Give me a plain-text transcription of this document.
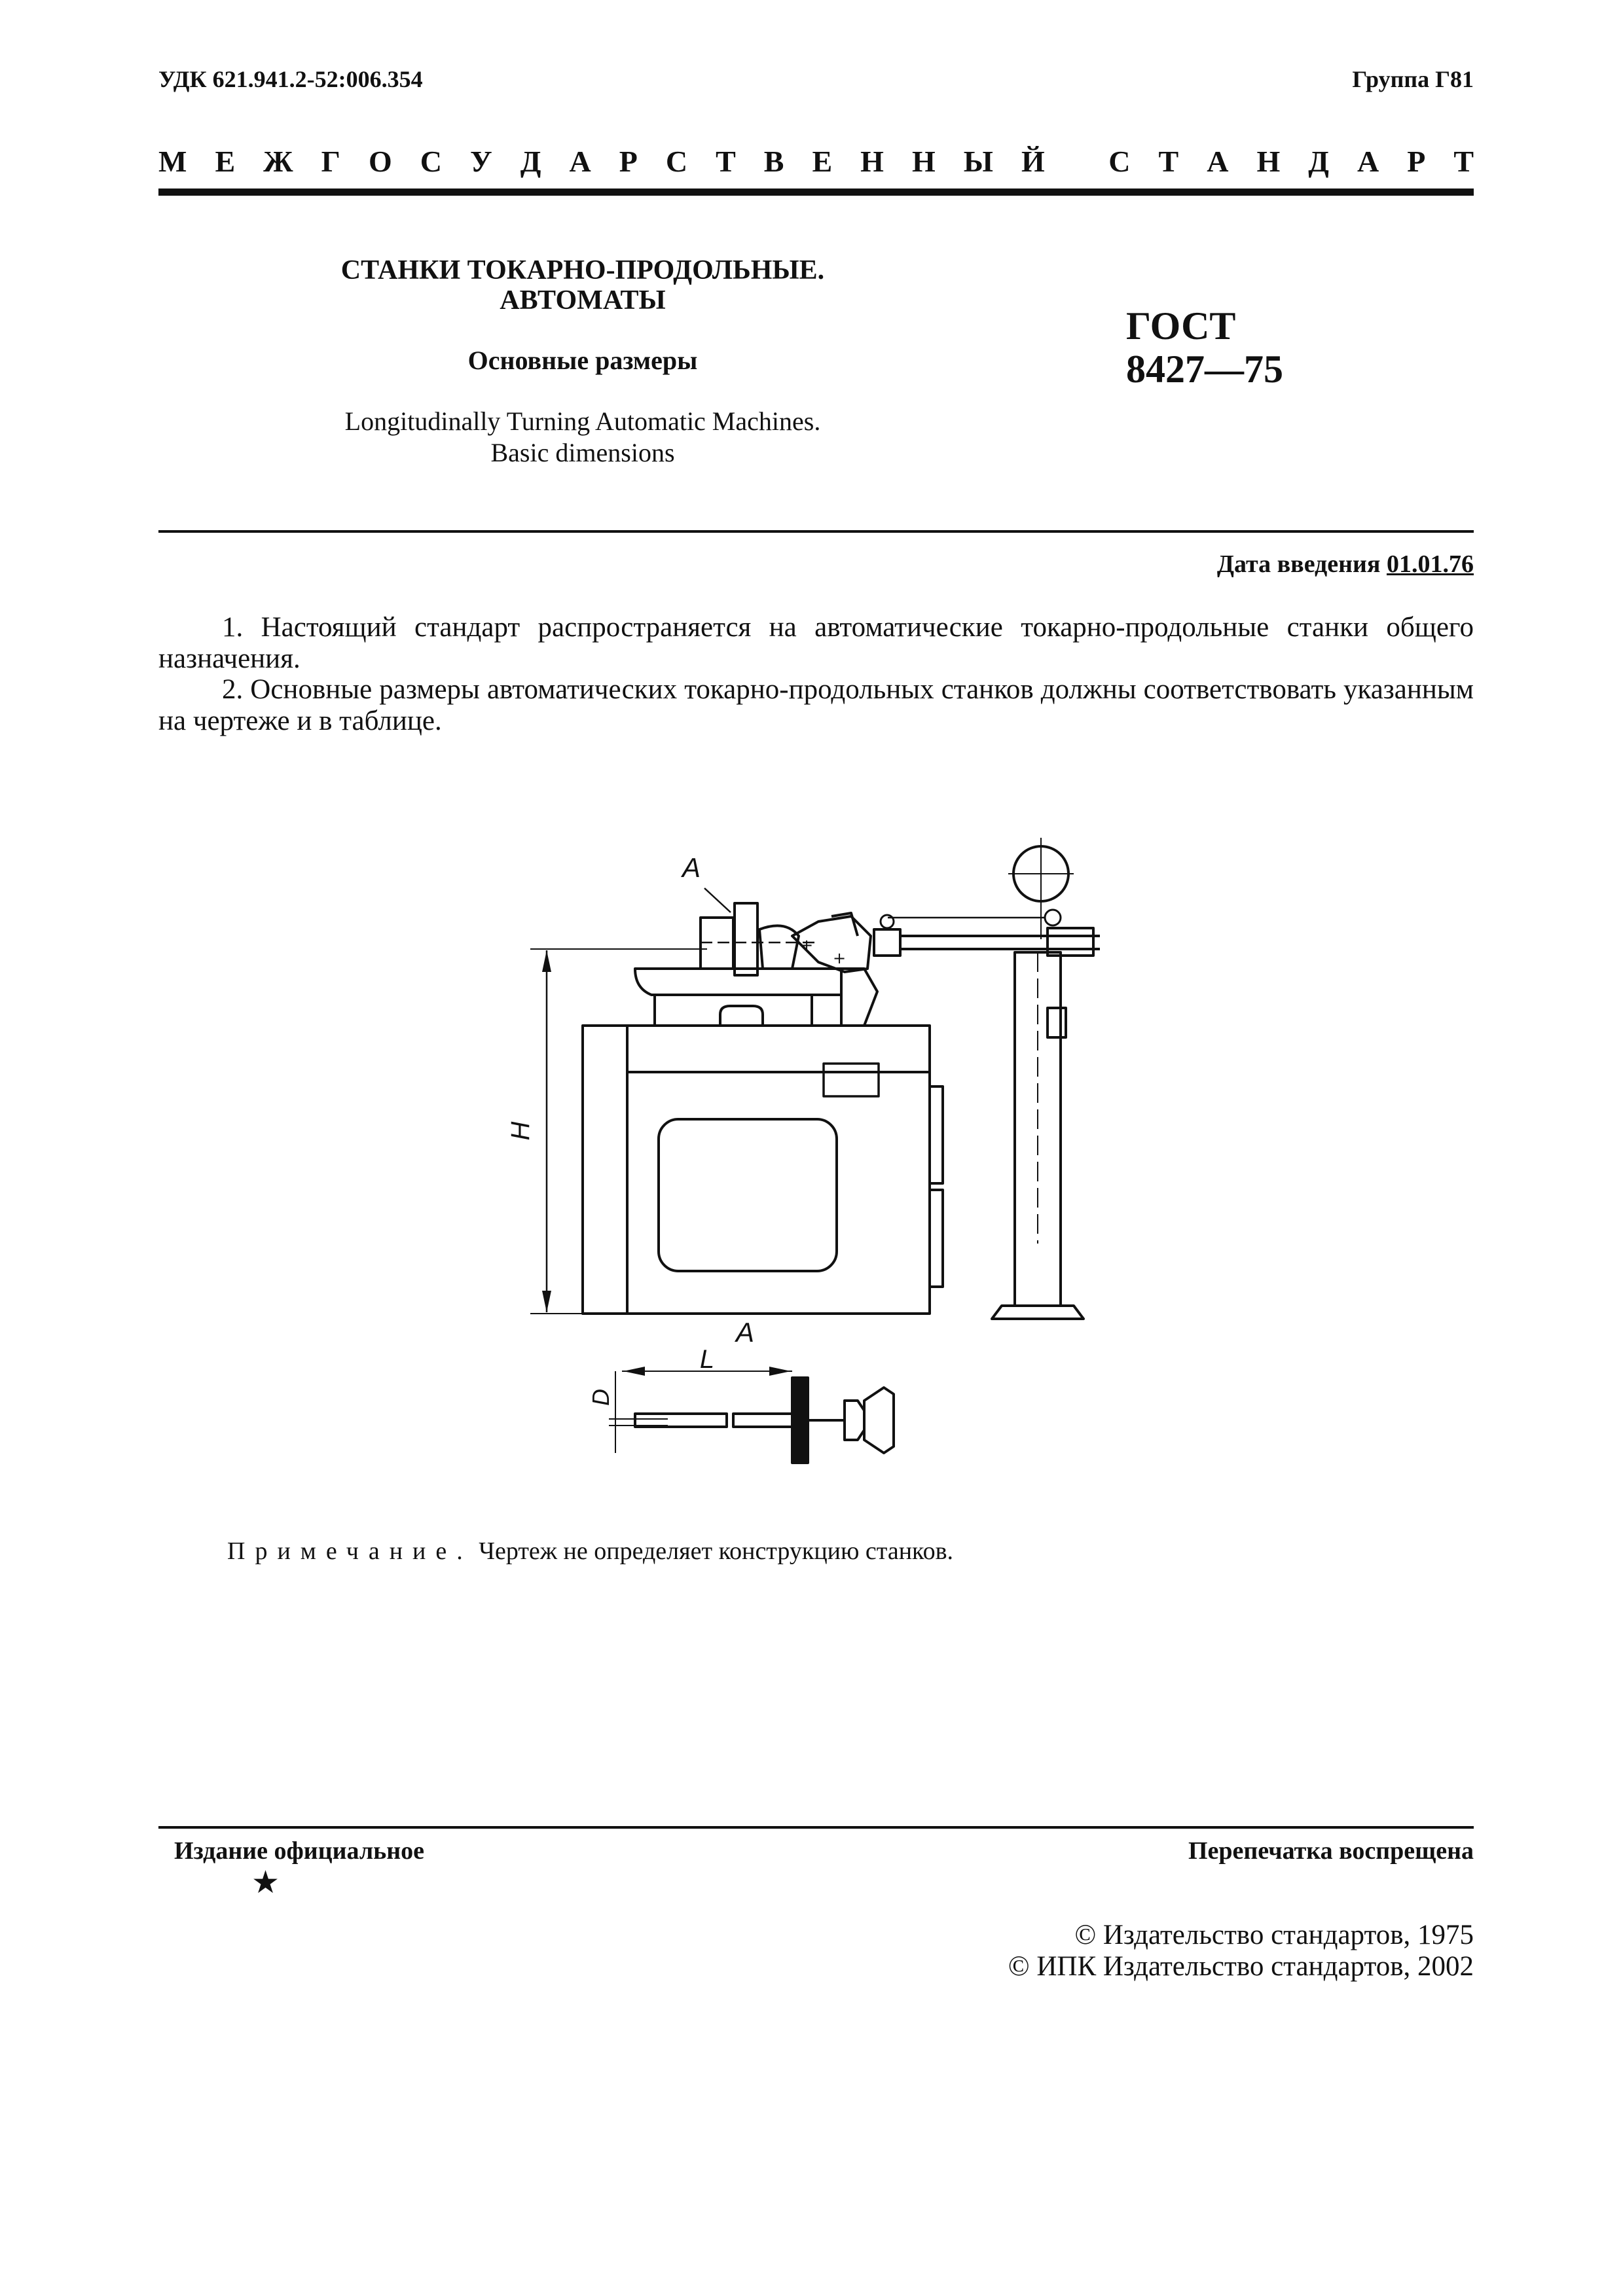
УДК 621.941.2-52:006.354	Группа Г81
М Е Ж Г О С У Д А Р С Т В Е Н Н Ы Й
С Т А Н Д А Р Т
СТАНКИ ТОКАРНО-ПРОДОЛЬНЫЕ.
АВТОМАТЫ
Основные размеры
Longitudinally Turning Automatic Machines.
Basic dimensions
ГОСТ
8427—75
Дата введения 01.01.76
1. Настоящий стандарт распространяется на автоматические токарно-продольные станки общего назначения.
2. Основные размеры автоматических токарно-продольных станков должны соответствовать указанным на чертеже и в таблице.
H
+
+
A
A
D
L
Примечание. Чертеж не определяет конструкцию станков.
Издание официальное
★
Перепечатка воспрещена
© Издательство стандартов, 1975
© ИПК Издательство стандартов, 2002
